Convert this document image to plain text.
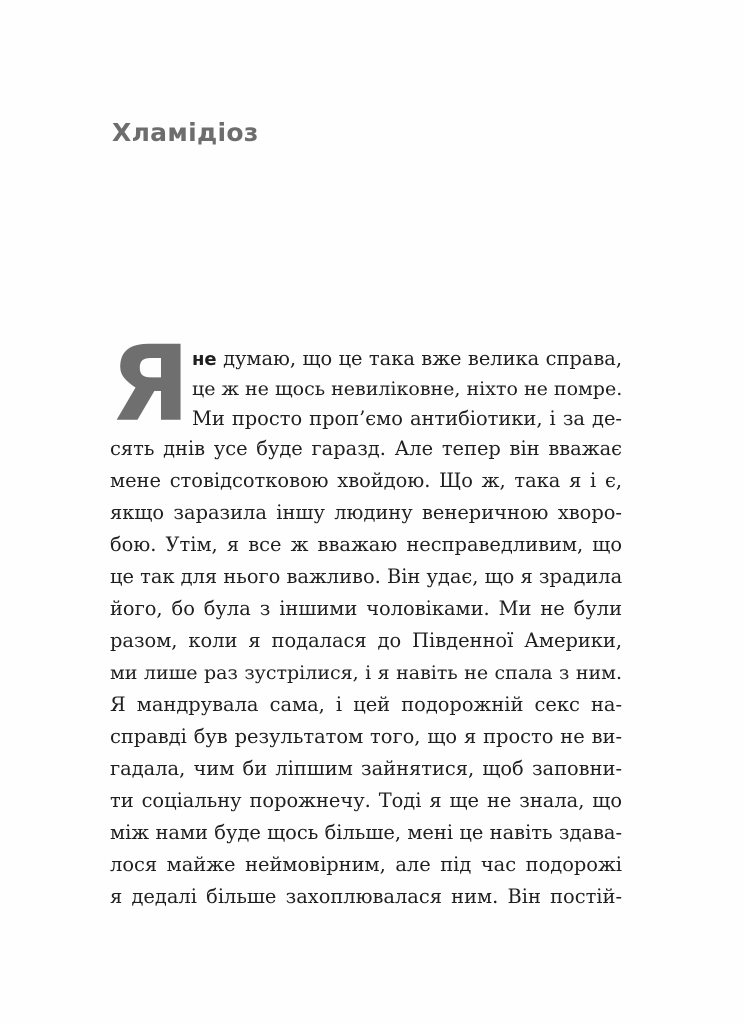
Хламідіоз
Я не думаю, що це така вже велика справа,
це ж не щось невиліковне, ніхто не помре.
Ми просто проп’ємо антибіотики, і за де-
сять днів усе буде гаразд. Але тепер він вважає
мене стовідсотковою хвойдою. Що ж, така я і є,
якщо заразила іншу людину венеричною хворо-
бою. Утім, я все ж вважаю несправедливим, що
це так для нього важливо. Він удає, що я зрадила
його, бо була з іншими чоловіками. Ми не були
разом, коли я подалася до Південної Америки,
ми лише раз зустрілися, і я навіть не спала з ним.
Я мандрувала сама, і цей подорожній секс на-
справді був результатом того, що я просто не ви-
гадала, чим би ліпшим зайнятися, щоб заповни-
ти соціальну порожнечу. Тоді я ще не знала, що
між нами буде щось більше, мені це навіть здава-
лося майже неймовірним, але під час подорожі
я дедалі більше захоплювалася ним. Він постій-
